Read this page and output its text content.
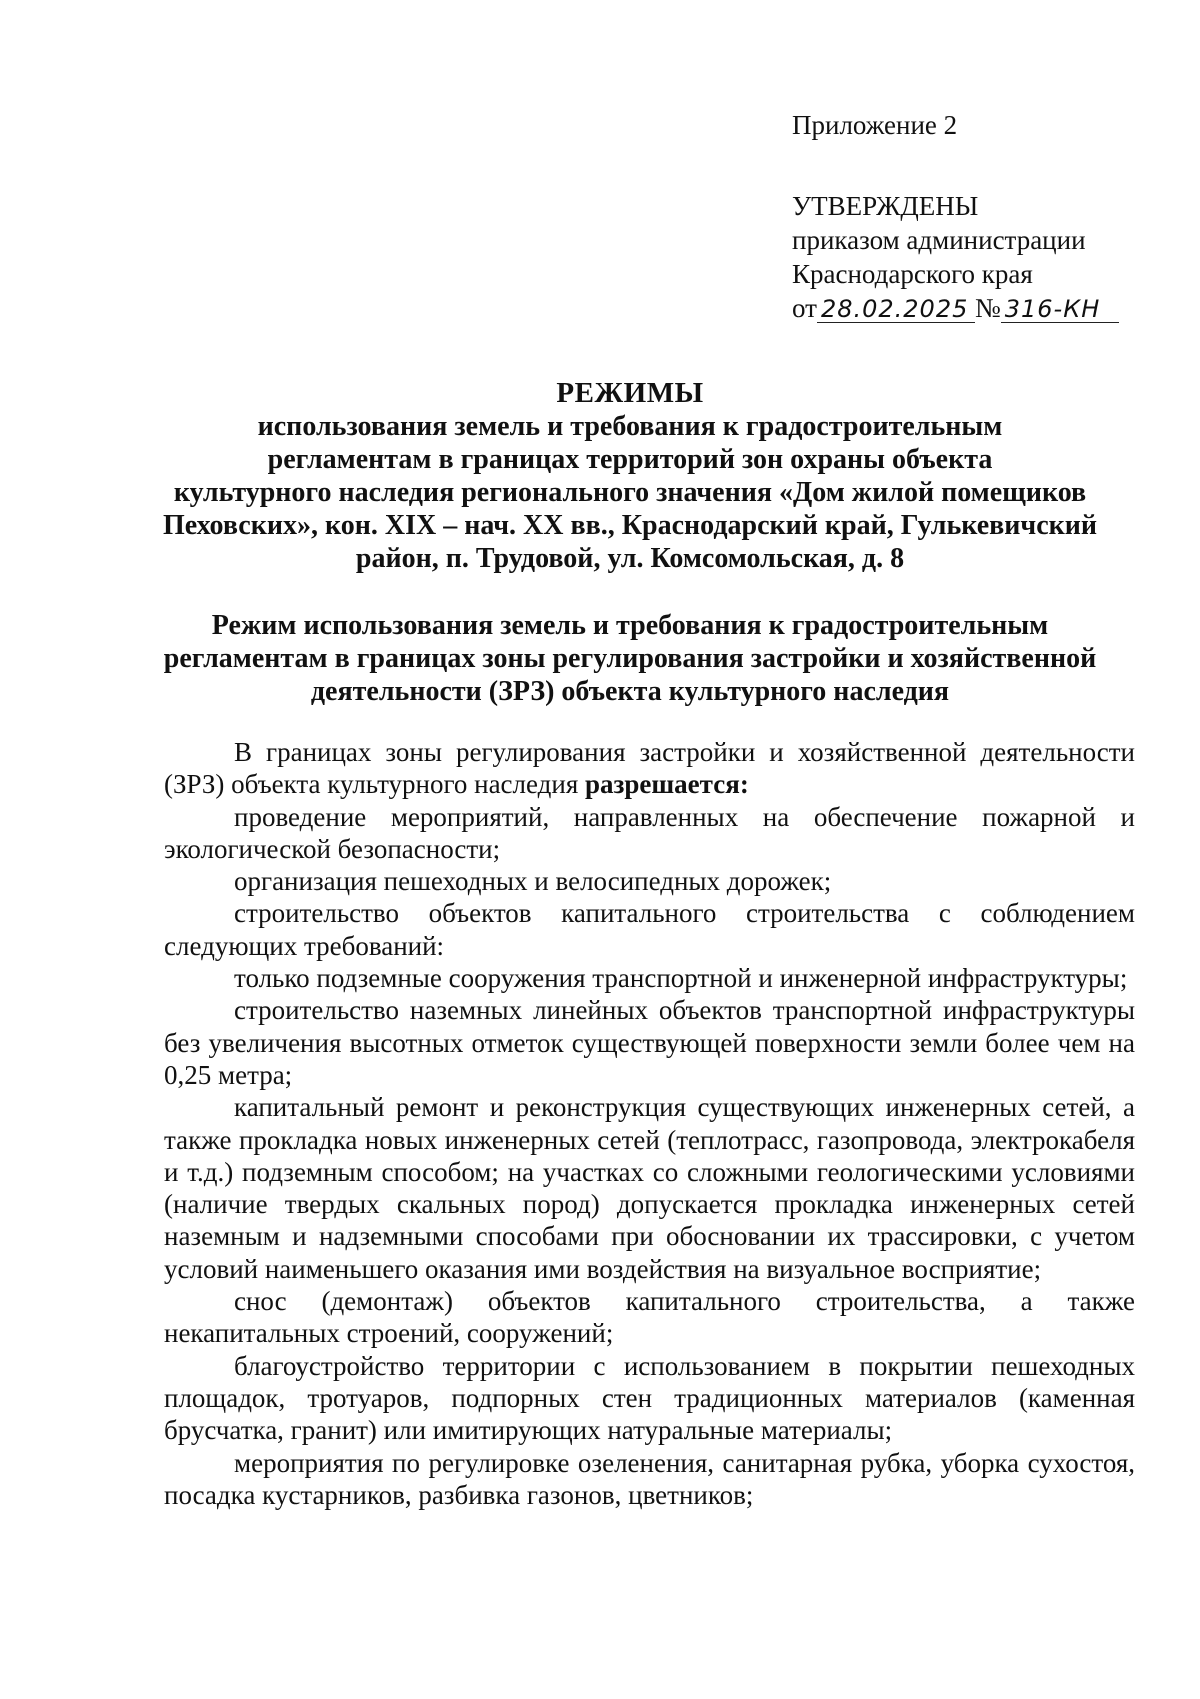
Приложение 2
УТВЕРЖДЕНЫ
приказом администрации
Краснодарского края
от 28.02.2025 № 316-КН
РЕЖИМЫ
использования земель и требования к градостроительным
регламентам в границах территорий зон охраны объекта
культурного наследия регионального значения «Дом жилой помещиков
Пеховских», кон. XIX – нач. XX вв., Краснодарский край, Гулькевичский
район, п. Трудовой, ул. Комсомольская, д. 8
Режим использования земель и требования к градостроительным
регламентам в границах зоны регулирования застройки и хозяйственной
деятельности (ЗРЗ) объекта культурного наследия

В границах зоны регулирования застройки и хозяйственной деятельности (ЗРЗ) объекта культурного наследия разрешается:

проведение мероприятий, направленных на обеспечение пожарной и экологической безопасности;

организация пешеходных и велосипедных дорожек;

строительство объектов капитального строительства с соблюдением следующих требований:

только подземные сооружения транспортной и инженерной инфраструктуры;

строительство наземных линейных объектов транспортной инфраструктуры без увеличения высотных отметок существующей поверхности земли более чем на 0,25 метра;

капитальный ремонт и реконструкция существующих инженерных сетей, а также прокладка новых инженерных сетей (теплотрасс, газопровода, электрокабеля и т.д.) подземным способом; на участках со сложными геологическими условиями (наличие твердых скальных пород) допускается прокладка инженерных сетей наземным и надземными способами при обосновании их трассировки, с учетом условий наименьшего оказания ими воздействия на визуальное восприятие;

снос (демонтаж) объектов капитального строительства, а также некапитальных строений, сооружений;

благоустройство территории с использованием в покрытии пешеходных площадок, тротуаров, подпорных стен традиционных материалов (каменная брусчатка, гранит) или имитирующих натуральные материалы;

мероприятия по регулировке озеленения, санитарная рубка, уборка сухостоя, посадка кустарников, разбивка газонов, цветников;
